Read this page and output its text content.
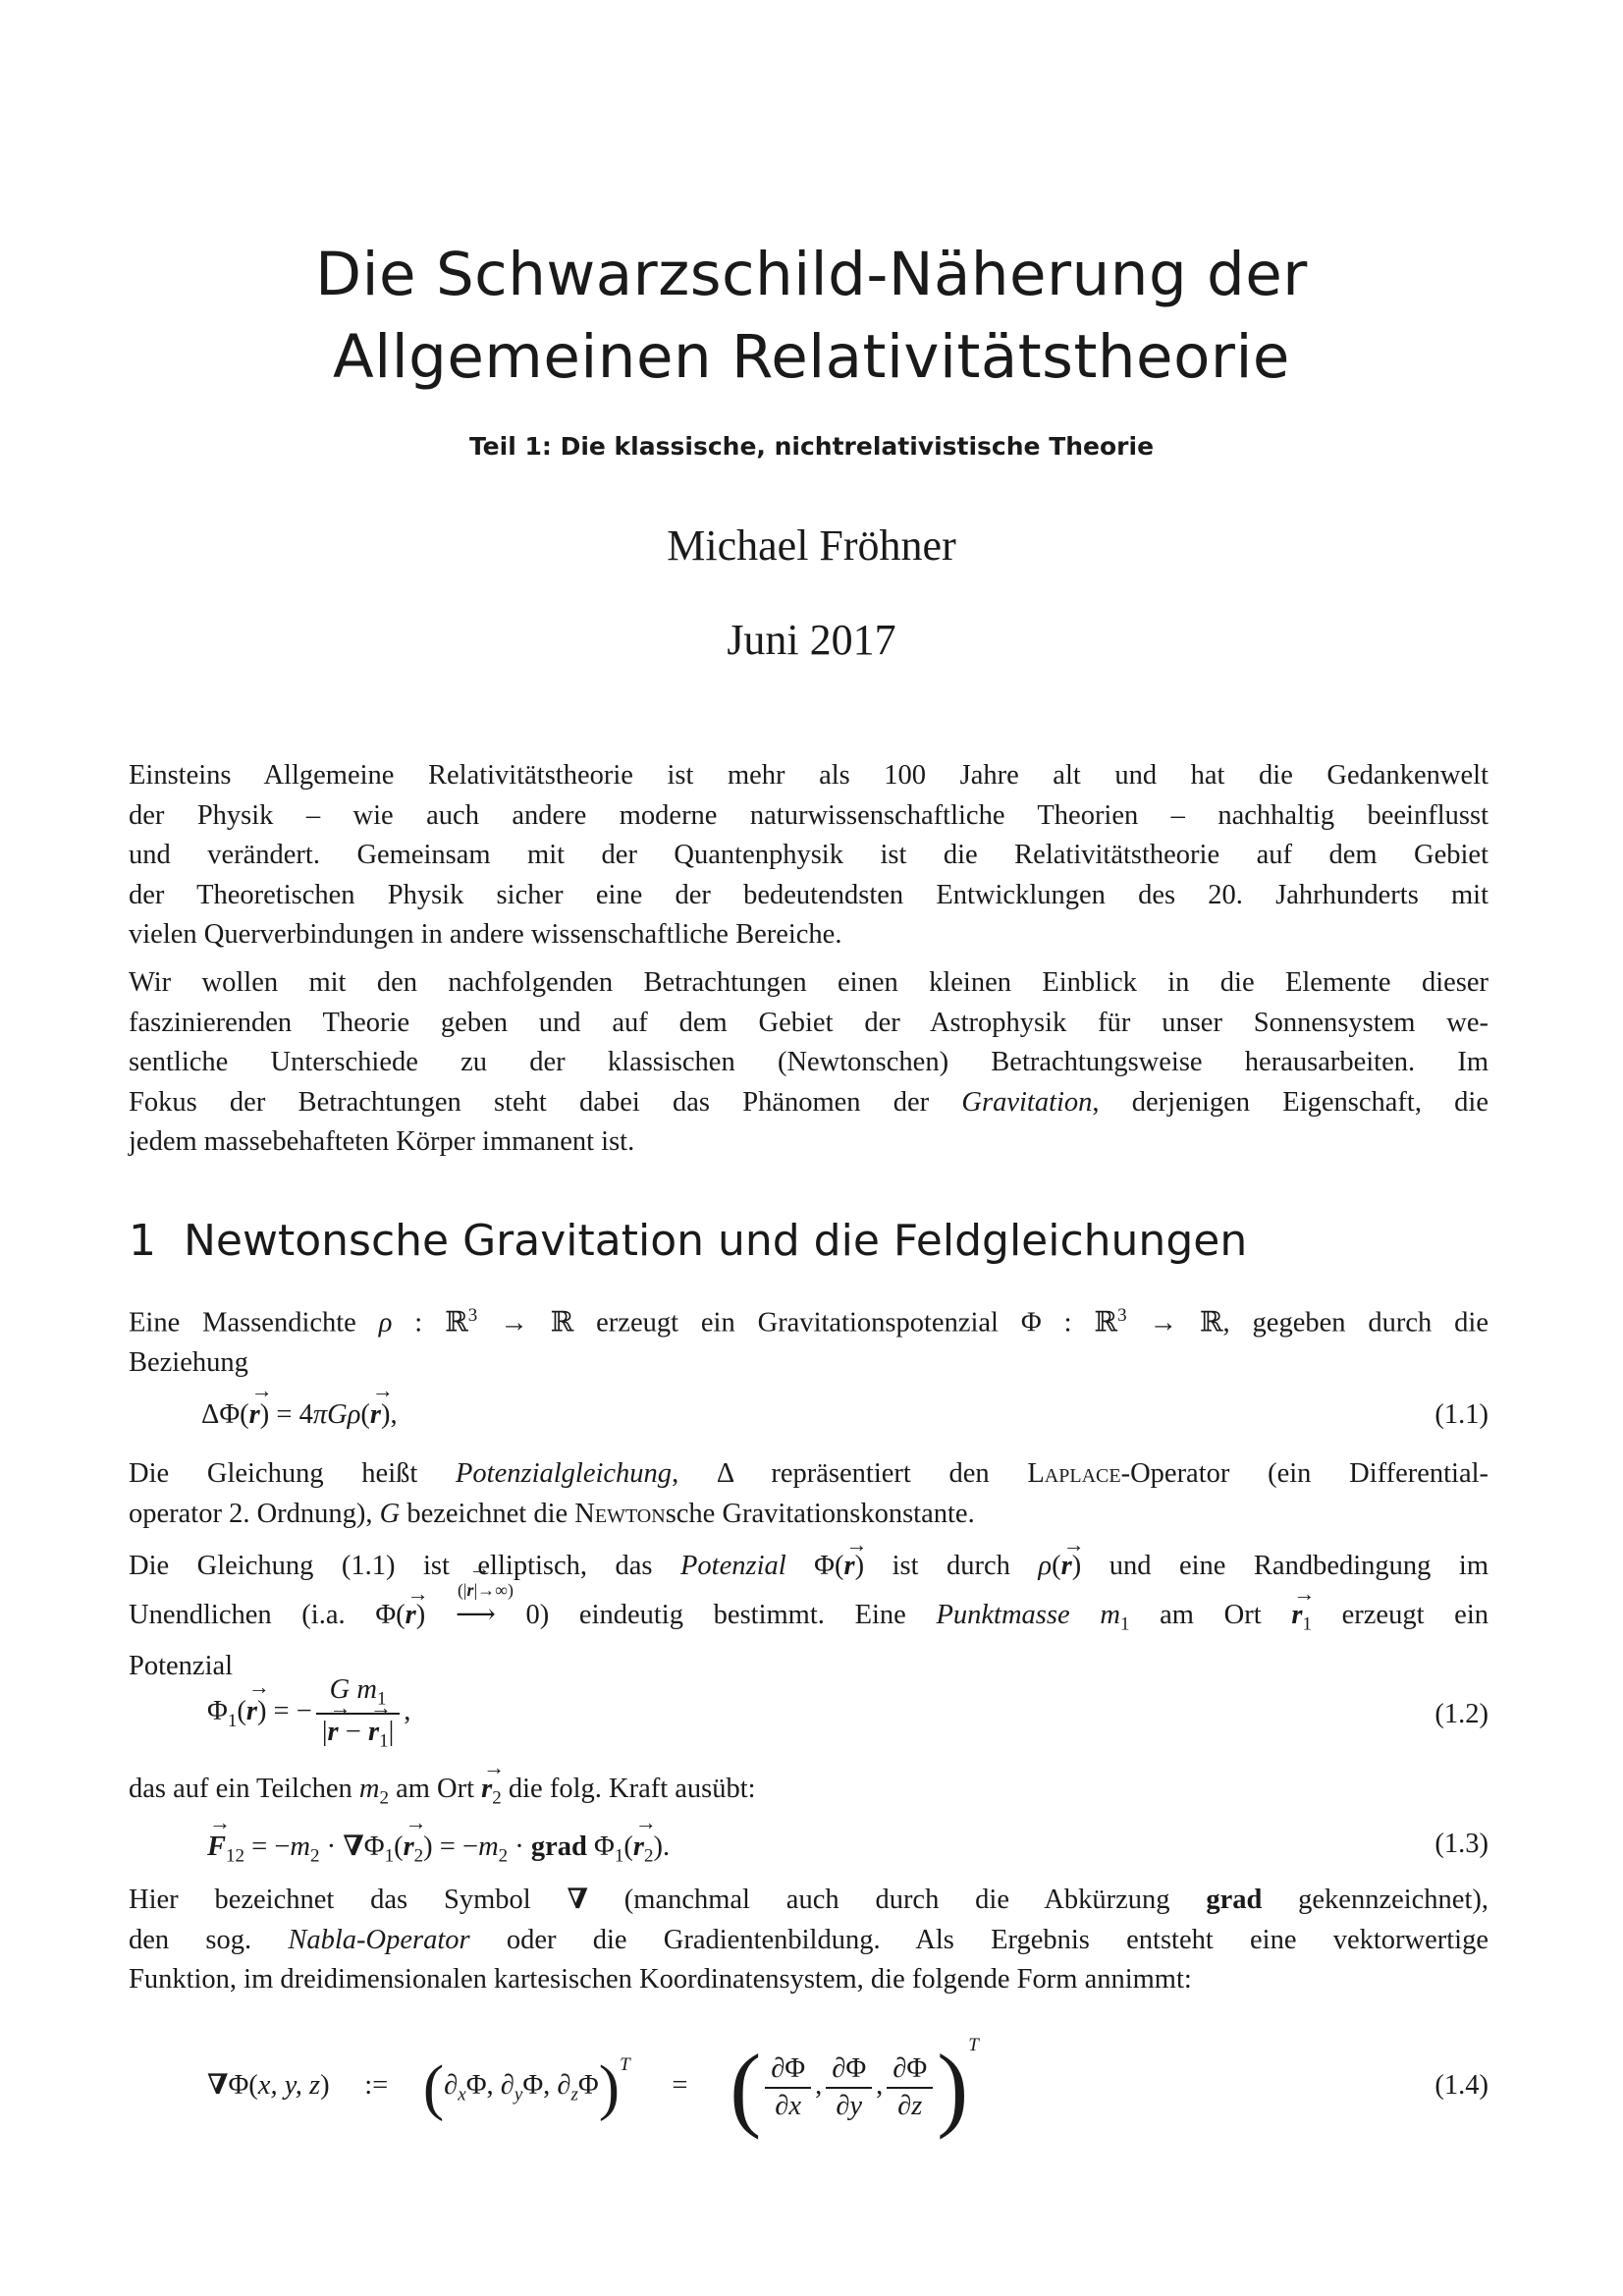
Die Schwarzschild-Näherung der
Allgemeinen Relativitätstheorie
Teil 1: Die klassische, nichtrelativistische Theorie
Michael Fröhner
Juni 2017
Einsteins Allgemeine Relativitätstheorie ist mehr als 100 Jahre alt und hat die Gedankenwelt
der Physik – wie auch andere moderne naturwissenschaftliche Theorien – nachhaltig beeinflusst
und verändert. Gemeinsam mit der Quantenphysik ist die Relativitätstheorie auf dem Gebiet
der Theoretischen Physik sicher eine der bedeutendsten Entwicklungen des 20. Jahrhunderts mit
vielen Querverbindungen in andere wissenschaftliche Bereiche.
Wir wollen mit den nachfolgenden Betrachtungen einen kleinen Einblick in die Elemente dieser
faszinierenden Theorie geben und auf dem Gebiet der Astrophysik für unser Sonnensystem we-
sentliche Unterschiede zu der klassischen (Newtonschen) Betrachtungsweise herausarbeiten. Im
Fokus der Betrachtungen steht dabei das Phänomen der Gravitation, derjenigen Eigenschaft, die
jedem massebehafteten Körper immanent ist.
1 Newtonsche Gravitation und die Feldgleichungen
Eine Massendichte ρ : ℝ$^3$ → ℝ erzeugt ein Gravitationspotenzial Φ : ℝ$^3$ → ℝ, gegeben durch die
Beziehung
ΔΦ(→ r) = 4πGρ(→ r),	(1.1)
Die Gleichung heißt Potenzialgleichung, Δ repräsentiert den Laplace-Operator (ein Differential-
operator 2. Ordnung), G bezeichnet die Newtonsche Gravitationskonstante.
Die Gleichung (1.1) ist elliptisch, das Potenzial Φ(→ r) ist durch ρ(→ r) und eine Randbedingung im
Unendlichen (i.a. Φ(→ r)
(|→ r|→∞)
⟶ 0) eindeutig bestimmt. Eine Punktmasse $m_1$ am Ort → $r_1$ erzeugt ein
Potenzial
$\Phi_1(\to r)$ = − $\frac{G m_1}{|\to r - \to r_1|}$ ,	(1.2)
das auf ein Teilchen $m_2$ am Ort → $r_2$ die folg. Kraft ausübt:
→ $F_{12} = -m_2 \cdot \nabla\Phi_1(\to r_2) = -m_2$ · grad $\Phi_1(\to r_2)$.	(1.3)
Hier bezeichnet das Symbol ∇ (manchmal auch durch die Abkürzung grad gekennzeichnet),
den sog. Nabla-Operator oder die Gradientenbildung. Als Ergebnis entsteht eine vektorwertige
Funktion, im dreidimensionalen kartesischen Koordinatensystem, die folgende Form annimmt:
∇Φ(x, y, z)     :=     ($\partial_x\Phi$, $\partial_y\Phi$, $\partial_z\Phi)^T$      =      ( $\frac{\partial\Phi}{\partial x}$ , $\frac{\partial\Phi}{\partial y}$ , $\frac{\partial\Phi}{\partial z} )^T$
(1.4)
